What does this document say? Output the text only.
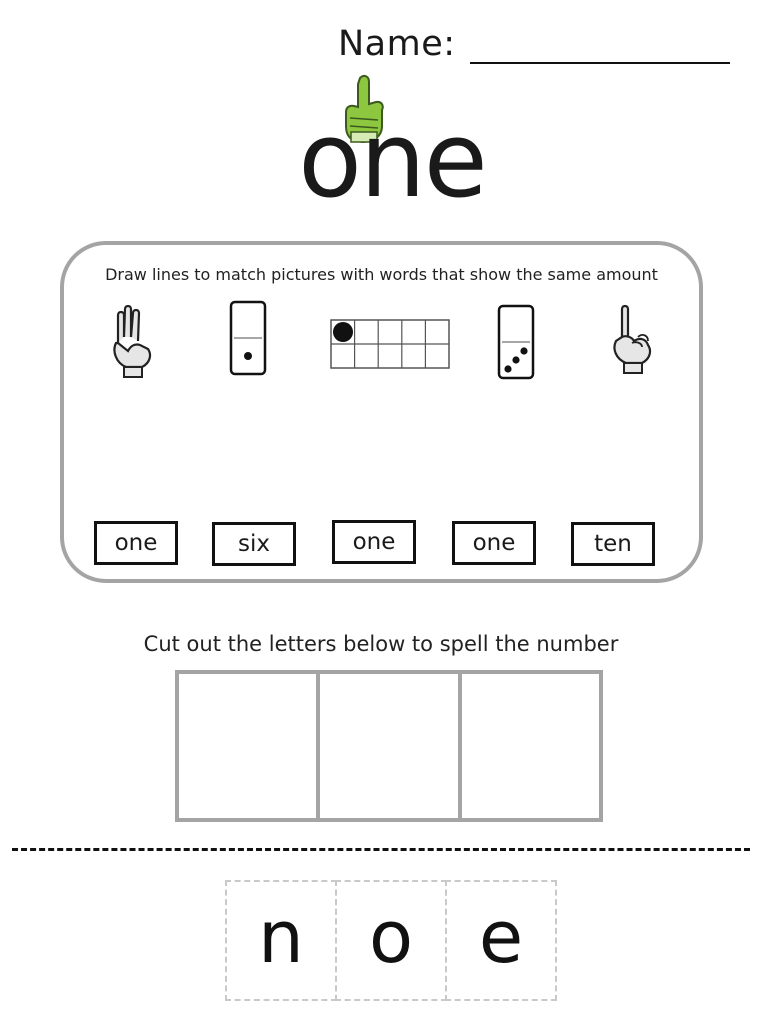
Name:
one
Draw lines to match pictures with words that show the same amount
one	six	one	one	ten
Cut out the letters below to spell the number
n o e
